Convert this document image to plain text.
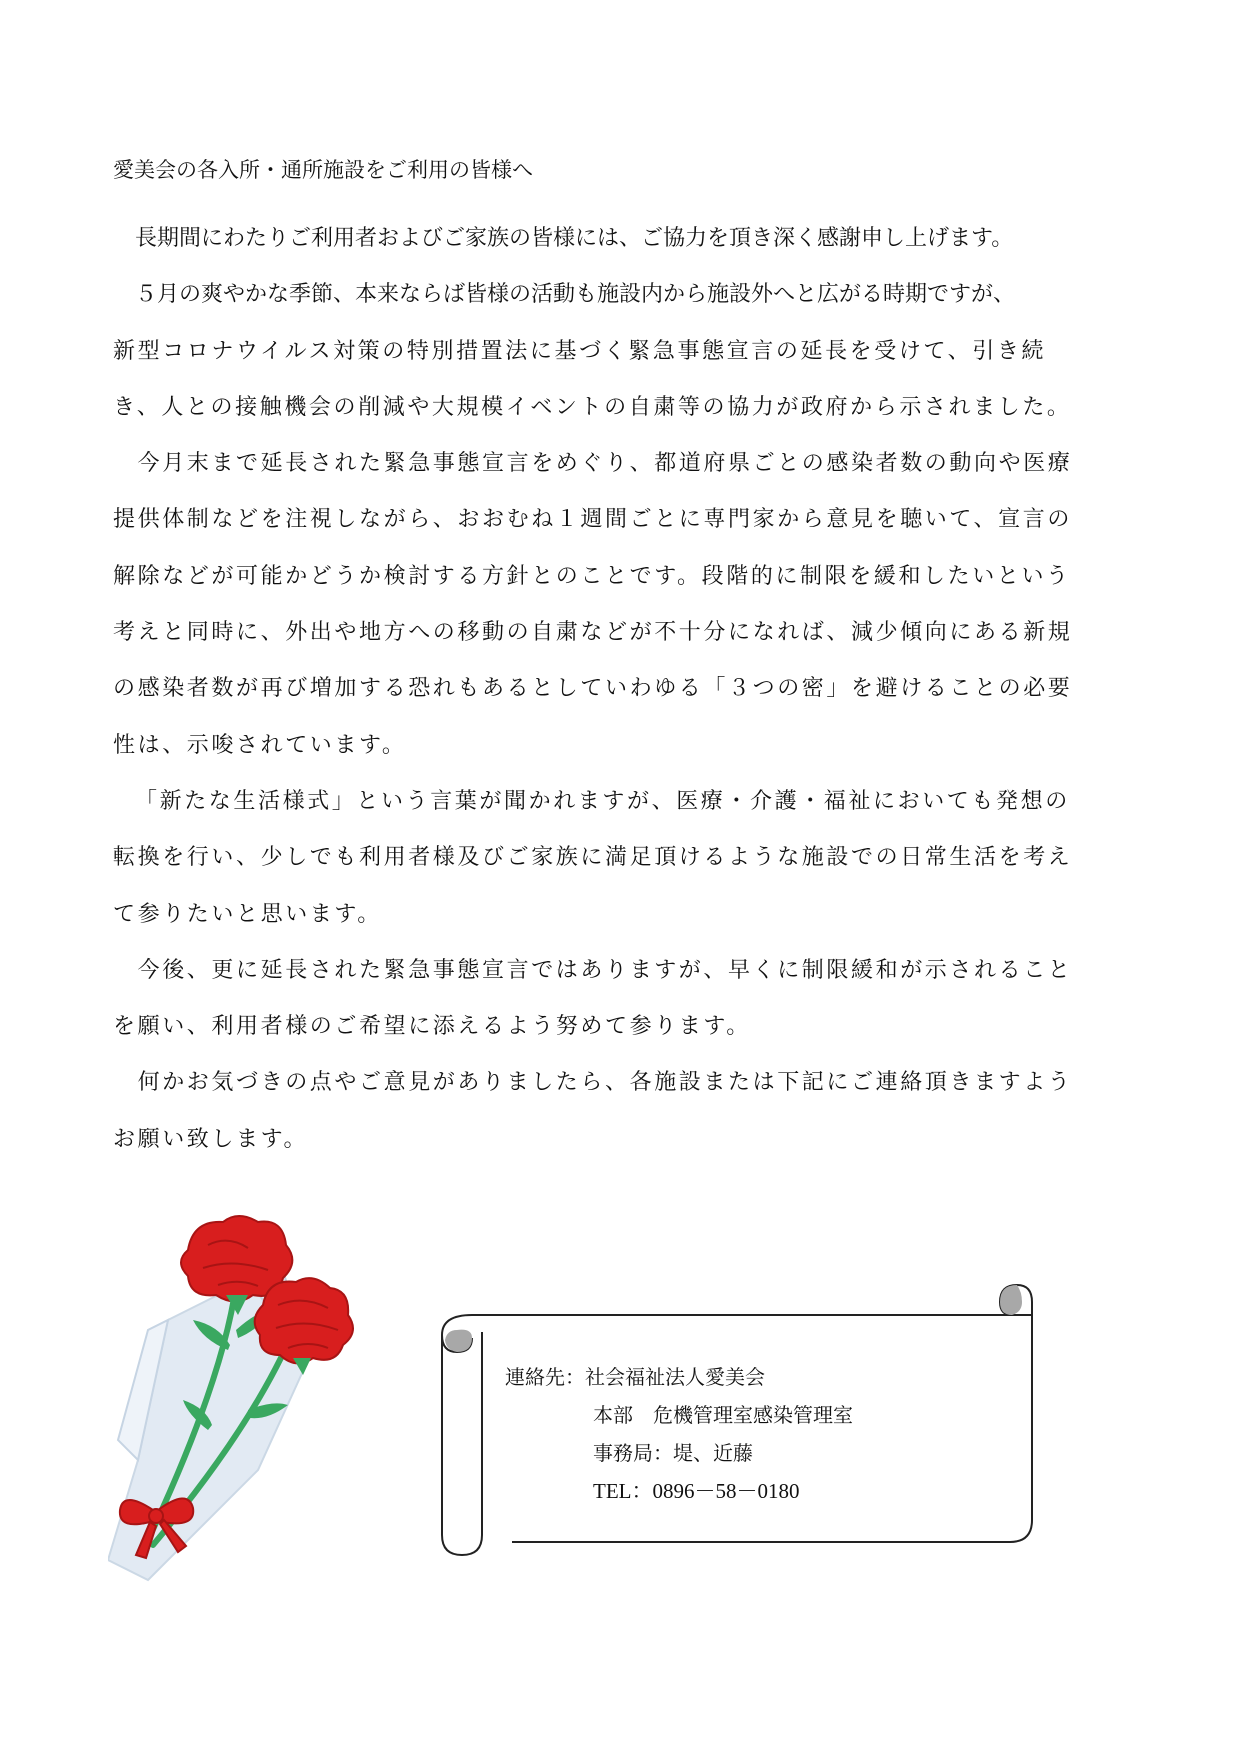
愛美会の各入所・通所施設をご利用の皆様へ
　長期間にわたりご利用者およびご家族の皆様には、ご協力を頂き深く感謝申し上げます。
　５月の爽やかな季節、本来ならば皆様の活動も施設内から施設外へと広がる時期ですが、
新型コロナウイルス対策の特別措置法に基づく緊急事態宣言の延長を受けて、引き続
き、人との接触機会の削減や大規模イベントの自粛等の協力が政府から示されました。
　今月末まで延長された緊急事態宣言をめぐり、都道府県ごとの感染者数の動向や医療
提供体制などを注視しながら、おおむね１週間ごとに専門家から意見を聴いて、宣言の
解除などが可能かどうか検討する方針とのことです。段階的に制限を緩和したいという
考えと同時に、外出や地方への移動の自粛などが不十分になれば、減少傾向にある新規
の感染者数が再び増加する恐れもあるとしていわゆる「３つの密」を避けることの必要
性は、示唆されています。
「新たな生活様式」という言葉が聞かれますが、医療・介護・福祉においても発想の
転換を行い、少しでも利用者様及びご家族に満足頂けるような施設での日常生活を考え
て参りたいと思います。
　今後、更に延長された緊急事態宣言ではありますが、早くに制限緩和が示されること
を願い、利用者様のご希望に添えるよう努めて参ります。
　何かお気づきの点やご意見がありましたら、各施設または下記にご連絡頂きますよう
お願い致します。
連絡先：社会福祉法人愛美会
本部　危機管理室感染管理室
事務局：堤、近藤
TEL：0896－58－0180
